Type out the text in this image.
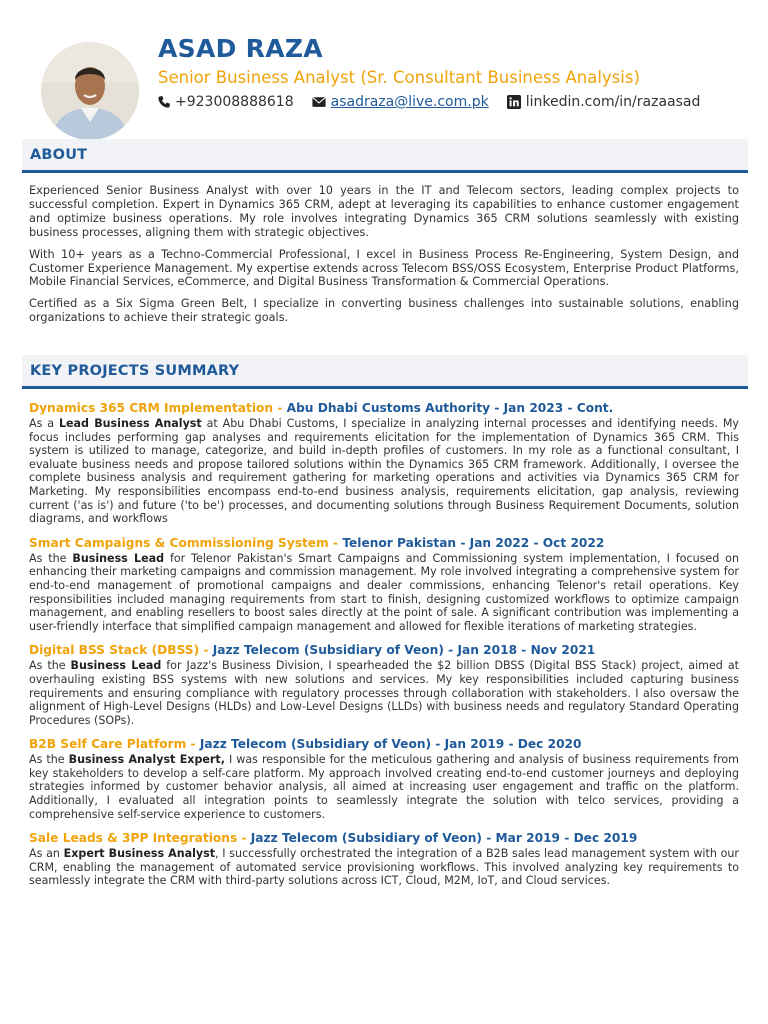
ASAD RAZA
Senior Business Analyst (Sr. Consultant Business Analysis)
+923008888618	asadraza@live.com.pk	linkedin.com/in/razaasad
ABOUT

Experienced Senior Business Analyst with over 10 years in the IT and Telecom sectors, leading complex projects to successful completion. Expert in Dynamics 365 CRM, adept at leveraging its capabilities to enhance customer engagement and optimize business operations. My role involves integrating Dynamics 365 CRM solutions seamlessly with existing business processes, aligning them with strategic objectives.

With 10+ years as a Techno-Commercial Professional, I excel in Business Process Re-Engineering, System Design, and Customer Experience Management. My expertise extends across Telecom BSS/OSS Ecosystem, Enterprise Product Platforms, Mobile Financial Services, eCommerce, and Digital Business Transformation & Commercial Operations.

Certified as a Six Sigma Green Belt, I specialize in converting business challenges into sustainable solutions, enabling organizations to achieve their strategic goals.

KEY PROJECTS SUMMARY
Dynamics 365 CRM Implementation - Abu Dhabi Customs Authority - Jan 2023 - Cont.
As a Lead Business Analyst at Abu Dhabi Customs, I specialize in analyzing internal processes and identifying needs. My focus includes performing gap analyses and requirements elicitation for the implementation of Dynamics 365 CRM. This system is utilized to manage, categorize, and build in-depth profiles of customers. In my role as a functional consultant, I evaluate business needs and propose tailored solutions within the Dynamics 365 CRM framework. Additionally, I oversee the complete business analysis and requirement gathering for marketing operations and activities via Dynamics 365 CRM for Marketing. My responsibilities encompass end-to-end business analysis, requirements elicitation, gap analysis, reviewing current ('as is') and future ('to be') processes, and documenting solutions through Business Requirement Documents, solution diagrams, and workflows
Smart Campaigns & Commissioning System - Telenor Pakistan - Jan 2022 - Oct 2022
As the Business Lead for Telenor Pakistan's Smart Campaigns and Commissioning system implementation, I focused on enhancing their marketing campaigns and commission management. My role involved integrating a comprehensive system for end-to-end management of promotional campaigns and dealer commissions, enhancing Telenor's retail operations. Key responsibilities included managing requirements from start to finish, designing customized workflows to optimize campaign management, and enabling resellers to boost sales directly at the point of sale. A significant contribution was implementing a user-friendly interface that simplified campaign management and allowed for flexible iterations of marketing strategies.
Digital BSS Stack (DBSS) - Jazz Telecom (Subsidiary of Veon) - Jan 2018 - Nov 2021
As the Business Lead for Jazz's Business Division, I spearheaded the $2 billion DBSS (Digital BSS Stack) project, aimed at overhauling existing BSS systems with new solutions and services. My key responsibilities included capturing business requirements and ensuring compliance with regulatory processes through collaboration with stakeholders. I also oversaw the alignment of High-Level Designs (HLDs) and Low-Level Designs (LLDs) with business needs and regulatory Standard Operating Procedures (SOPs).
B2B Self Care Platform - Jazz Telecom (Subsidiary of Veon) - Jan 2019 - Dec 2020
As the Business Analyst Expert, I was responsible for the meticulous gathering and analysis of business requirements from key stakeholders to develop a self-care platform. My approach involved creating end-to-end customer journeys and deploying strategies informed by customer behavior analysis, all aimed at increasing user engagement and traffic on the platform. Additionally, I evaluated all integration points to seamlessly integrate the solution with telco services, providing a comprehensive self-service experience to customers.
Sale Leads & 3PP Integrations - Jazz Telecom (Subsidiary of Veon) - Mar 2019 - Dec 2019
As an Expert Business Analyst, I successfully orchestrated the integration of a B2B sales lead management system with our CRM, enabling the management of automated service provisioning workflows. This involved analyzing key requirements to seamlessly integrate the CRM with third-party solutions across ICT, Cloud, M2M, IoT, and Cloud services.
